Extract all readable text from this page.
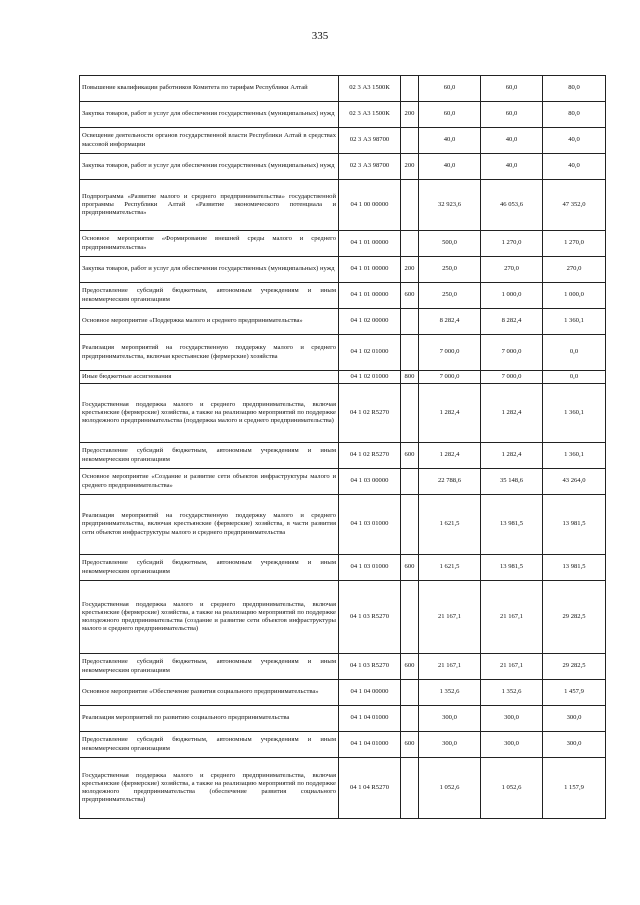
335
Повышение квалификации работников Комитета по тарифам Республики Алтай	02 3 А3 1500К		60,0	60,0	80,0
Закупка товаров, работ и услуг для обеспечения государственных (муниципальных) нужд	02 3 А3 1500К	200	60,0	60,0	80,0
Освещение деятельности органов государственной власти Республики Алтай в средствах массовой информации	02 3 А3 98700		40,0	40,0	40,0
Закупка товаров, работ и услуг для обеспечения государственных (муниципальных) нужд	02 3 А3 98700	200	40,0	40,0	40,0
Подпрограмма «Развитие малого и среднего предпринимательства» государственной программы Республики Алтай «Развитие экономического потенциала и предпринимательства»	04 1 00 00000		32 923,6	46 053,6	47 352,0
Основное мероприятие «Формирование внешней среды малого и среднего предпринимательства»	04 1 01 00000		500,0	1 270,0	1 270,0
Закупка товаров, работ и услуг для обеспечения государственных (муниципальных) нужд	04 1 01 00000	200	250,0	270,0	270,0
Предоставление субсидий бюджетным, автономным учреждениям и иным некоммерческим организациям	04 1 01 00000	600	250,0	1 000,0	1 000,0
Основное мероприятие «Поддержка малого и среднего предпринимательства»	04 1 02 00000		8 282,4	8 282,4	1 360,1
Реализация мероприятий на государственную поддержку малого и среднего предпринимательства, включая крестьянские (фермерские) хозяйства	04 1 02 01000		7 000,0	7 000,0	0,0
Иные бюджетные ассигнования	04 1 02 01000	800	7 000,0	7 000,0	0,0
Государственная поддержка малого и среднего предпринимательства, включая крестьянские (фермерские) хозяйства, а также на реализацию мероприятий по поддержке молодежного предпринимательства (поддержка малого и среднего предпринимательства)	04 1 02 R5270		1 282,4	1 282,4	1 360,1
Предоставление субсидий бюджетным, автономным учреждениям и иным некоммерческим организациям	04 1 02 R5270	600	1 282,4	1 282,4	1 360,1
Основное мероприятие «Создание и развитие сети объектов инфраструктуры малого и среднего предпринимательства»	04 1 03 00000		22 788,6	35 148,6	43 264,0
Реализация мероприятий на государственную поддержку малого и среднего предпринимательства, включая крестьянские (фермерские) хозяйства, в части развития сети объектов инфраструктуры малого и среднего предпринимательства	04 1 03 01000		1 621,5	13 981,5	13 981,5
Предоставление субсидий бюджетным, автономным учреждениям и иным некоммерческим организациям	04 1 03 01000	600	1 621,5	13 981,5	13 981,5
Государственная поддержка малого и среднего предпринимательства, включая крестьянские (фермерские) хозяйства, а также на реализацию мероприятий по поддержке молодежного предпринимательства (создание и развитие сети объектов инфраструктуры малого и среднего предпринимательства)	04 1 03 R5270		21 167,1	21 167,1	29 282,5
Предоставление субсидий бюджетным, автономным учреждениям и иным некоммерческим организациям	04 1 03 R5270	600	21 167,1	21 167,1	29 282,5
Основное мероприятие «Обеспечение развития социального предпринимательства»	04 1 04 00000		1 352,6	1 352,6	1 457,9
Реализация мероприятий по развитию социального предпринимательства	04 1 04 01000		300,0	300,0	300,0
Предоставление субсидий бюджетным, автономным учреждениям и иным некоммерческим организациям	04 1 04 01000	600	300,0	300,0	300,0
Государственная поддержка малого и среднего предпринимательства, включая крестьянские (фермерские) хозяйства, а также на реализацию мероприятий по поддержке молодежного предпринимательства (обеспечение развития социального предпринимательства)	04 1 04 R5270		1 052,6	1 052,6	1 157,9
